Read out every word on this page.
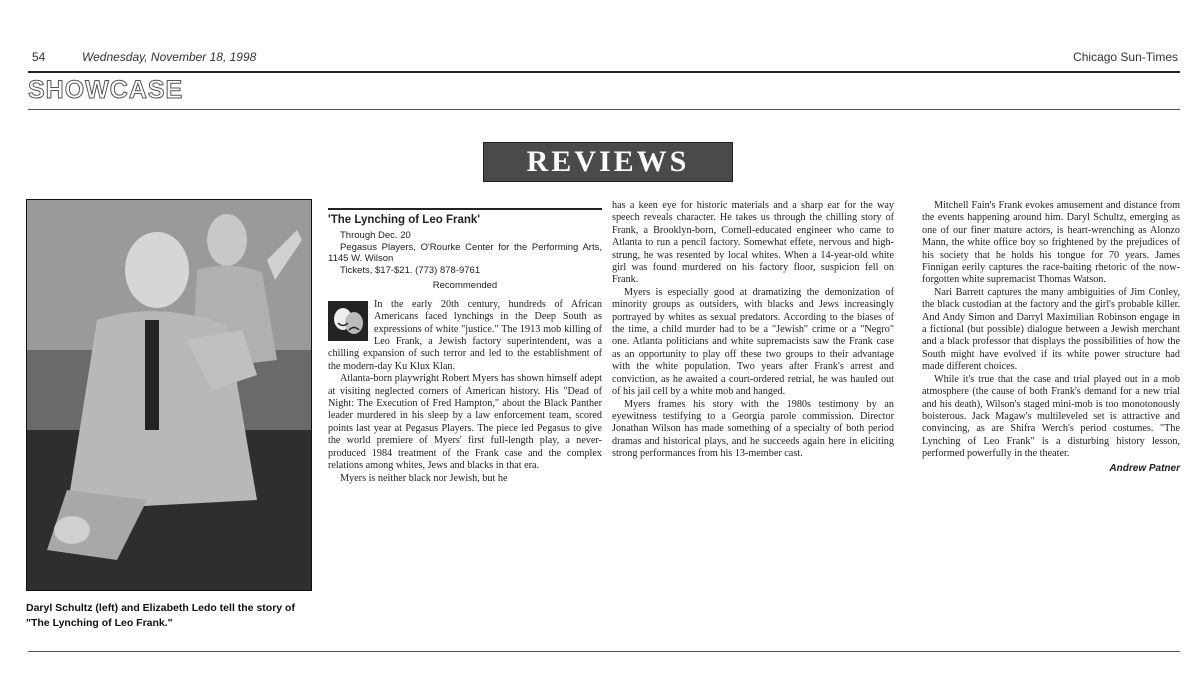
54	Wednesday, November 18, 1998	Chicago Sun-Times
SHOWCASE
REVIEWS
Daryl Schultz (left) and Elizabeth Ledo tell the story of "The Lynching of Leo Frank."
'The Lynching of Leo Frank'

Through Dec. 20

Pegasus Players, O'Rourke Center for the Performing Arts, 1145 W. Wilson

Tickets, $17-$21. (773) 878-9761

Recommended

In the early 20th century, hundreds of African Americans faced lynchings in the Deep South as expressions of white "justice." The 1913 mob killing of Leo Frank, a Jewish factory superintendent, was a chilling expansion of such terror and led to the establishment of the modern-day Ku Klux Klan.

Atlanta-born playwright Robert Myers has shown himself adept at visiting neglected corners of American history. His "Dead of Night: The Execution of Fred Hampton," about the Black Panther leader murdered in his sleep by a law enforcement team, scored points last year at Pegasus Players. The piece led Pegasus to give the world premiere of Myers' first full-length play, a never-produced 1984 treatment of the Frank case and the complex relations among whites, Jews and blacks in that era.

Myers is neither black nor Jewish, but he

has a keen eye for historic materials and a sharp ear for the way speech reveals character. He takes us through the chilling story of Frank, a Brooklyn-born, Cornell-educated engineer who came to Atlanta to run a pencil factory. Somewhat effete, nervous and high-strung, he was resented by local whites. When a 14-year-old white girl was found murdered on his factory floor, suspicion fell on Frank.

Myers is especially good at dramatizing the demonization of minority groups as outsiders, with blacks and Jews increasingly portrayed by whites as sexual predators. According to the biases of the time, a child murder had to be a "Jewish" crime or a "Negro" one. Atlanta politicians and white supremacists saw the Frank case as an opportunity to play off these two groups to their advantage with the white population. Two years after Frank's arrest and conviction, as he awaited a court-ordered retrial, he was hauled out of his jail cell by a white mob and hanged.

Myers frames his story with the 1980s testimony by an eyewitness testifying to a Georgia parole commission. Director Jonathan Wilson has made something of a specialty of both period dramas and historical plays, and he succeeds again here in eliciting strong performances from his 13-member cast.

Mitchell Fain's Frank evokes amusement and distance from the events happening around him. Daryl Schultz, emerging as one of our finer mature actors, is heart-wrenching as Alonzo Mann, the white office boy so frightened by the prejudices of his society that he holds his tongue for 70 years. James Finnigan eerily captures the race-baiting rhetoric of the now-forgotten white supremacist Thomas Watson.

Nari Barrett captures the many ambiguities of Jim Conley, the black custodian at the factory and the girl's probable killer. And Andy Simon and Darryl Maximilian Robinson engage in a fictional (but possible) dialogue between a Jewish merchant and a black professor that displays the possibilities of how the South might have evolved if its white power structure had made different choices.

While it's true that the case and trial played out in a mob atmosphere (the cause of both Frank's demand for a new trial and his death), Wilson's staged mini-mob is too monotonously boisterous. Jack Magaw's multileveled set is attractive and convincing, as are Shifra Werch's period costumes. "The Lynching of Leo Frank" is a disturbing history lesson, performed powerfully in the theater.

Andrew Patner
